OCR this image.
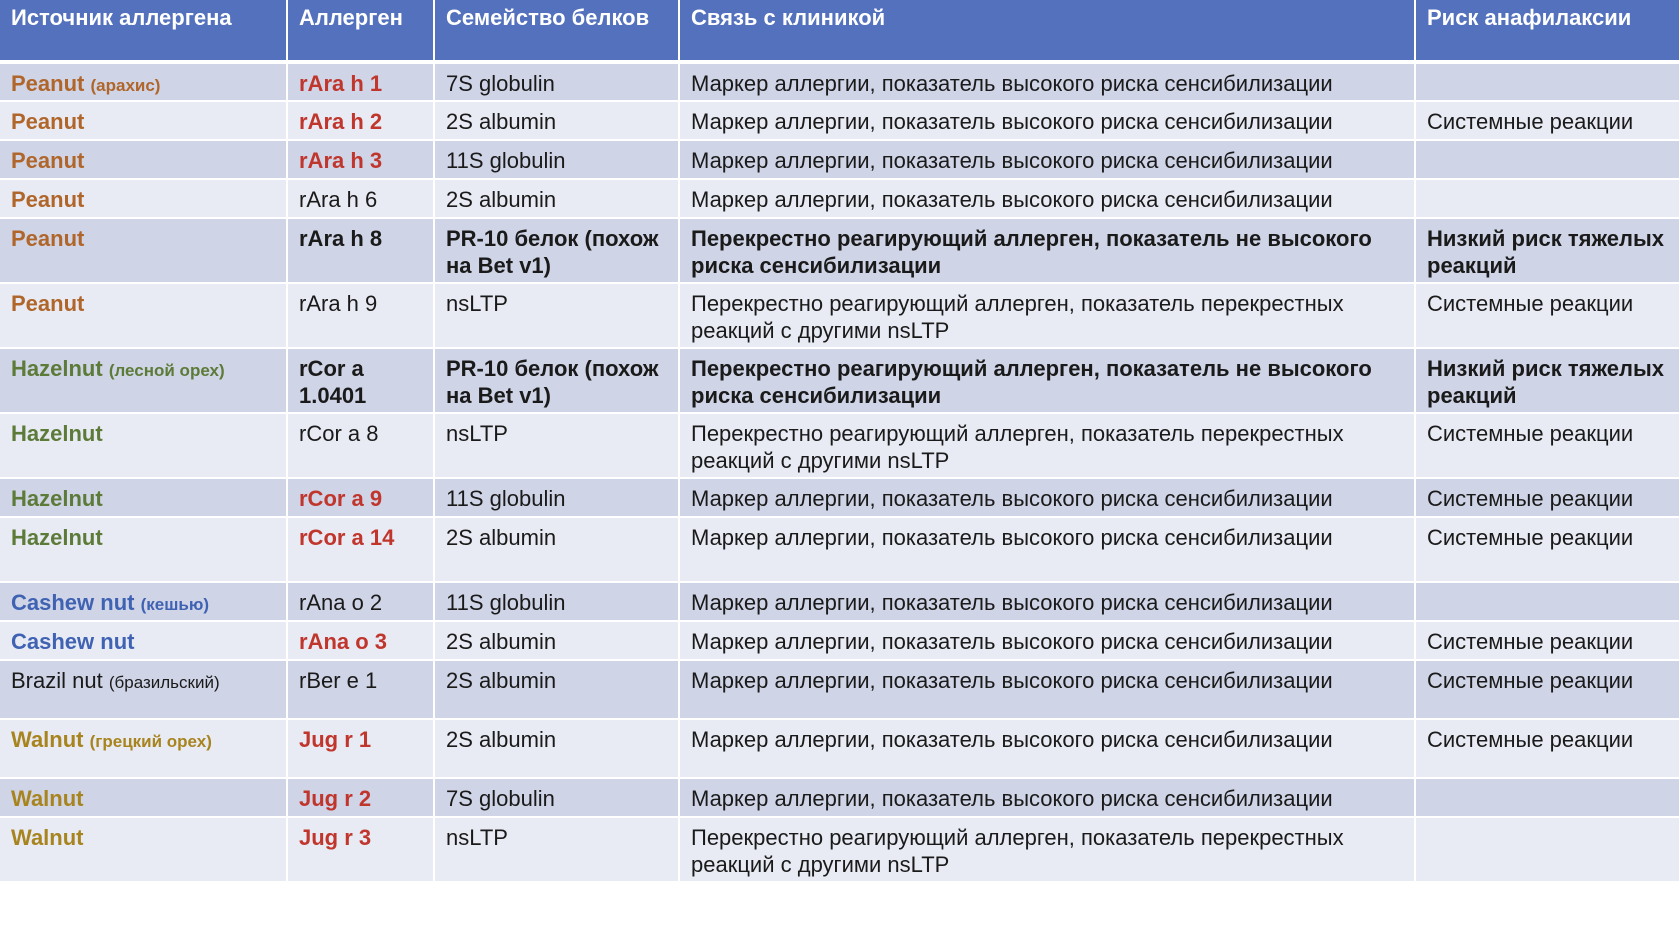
Источник аллергена	Аллерген	Семейство белков	Связь с клиникой	Риск анафилаксии
Peanut (арахис)	rAra h 1	7S globulin	Маркер аллергии, показатель высокого риска сенсибилизации	
Peanut	rAra h 2	2S albumin	Маркер аллергии, показатель высокого риска сенсибилизации	Системные реакции
Peanut	rAra h 3	11S globulin	Маркер аллергии, показатель высокого риска сенсибилизации	
Peanut	rAra h 6	2S albumin	Маркер аллергии, показатель высокого риска сенсибилизации	
Peanut	rAra h 8	PR-10 белок (похож на Bet v1)	Перекрестно реагирующий аллерген, показатель не высокого риска сенсибилизации	Низкий риск тяжелых реакций
Peanut	rAra h 9	nsLTP	Перекрестно реагирующий аллерген, показатель перекрестных реакций с другими nsLTP	Системные реакции
Hazelnut (лесной орех)	rCor a 1.0401	PR-10 белок (похож на Bet v1)	Перекрестно реагирующий аллерген, показатель не высокого риска сенсибилизации	Низкий риск тяжелых реакций
Hazelnut	rCor a 8	nsLTP	Перекрестно реагирующий аллерген, показатель перекрестных реакций с другими nsLTP	Системные реакции
Hazelnut	rCor a 9	11S globulin	Маркер аллергии, показатель высокого риска сенсибилизации	Системные реакции
Hazelnut	rCor a 14	2S albumin	Маркер аллергии, показатель высокого риска сенсибилизации	Системные реакции
Cashew nut (кешью)	rAna o 2	11S globulin	Маркер аллергии, показатель высокого риска сенсибилизации	
Cashew nut	rAna o 3	2S albumin	Маркер аллергии, показатель высокого риска сенсибилизации	Системные реакции
Brazil nut (бразильский)	rBer e 1	2S albumin	Маркер аллергии, показатель высокого риска сенсибилизации	Системные реакции
Walnut (грецкий орех)	Jug r 1	2S albumin	Маркер аллергии, показатель высокого риска сенсибилизации	Системные реакции
Walnut	Jug r 2	7S globulin	Маркер аллергии, показатель высокого риска сенсибилизации	
Walnut	Jug r 3	nsLTP	Перекрестно реагирующий аллерген, показатель перекрестных реакций с другими nsLTP	
